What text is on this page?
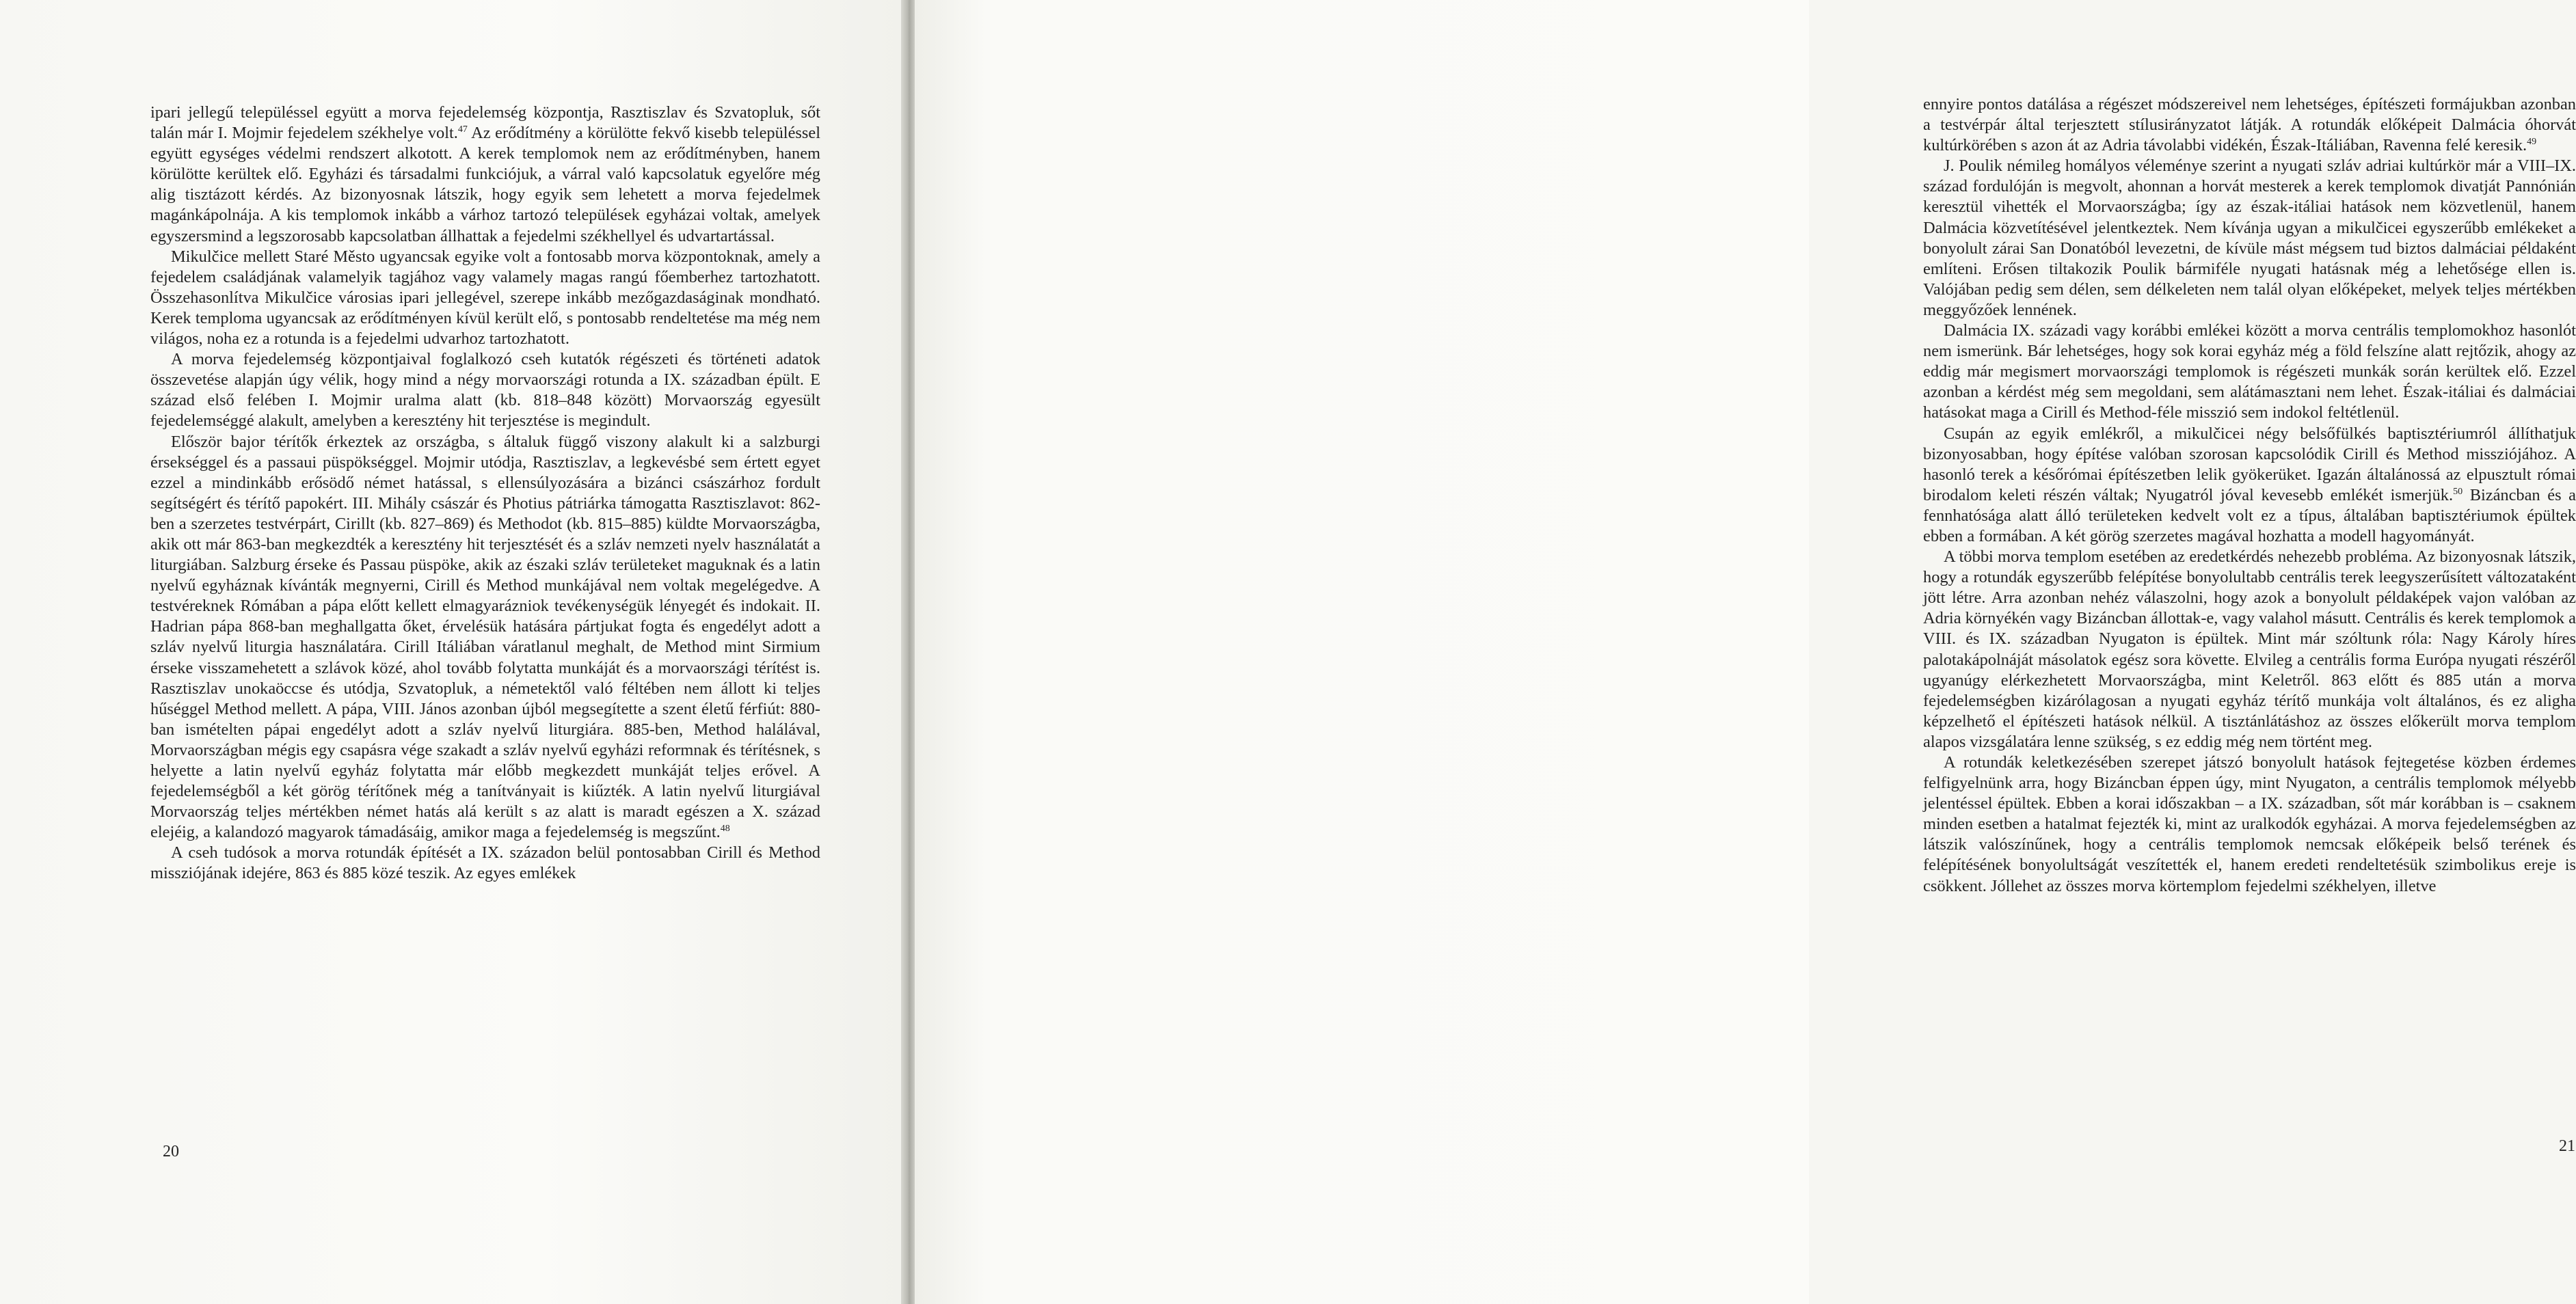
ipari jellegű településsel együtt a morva fejedelemség központja, Rasztiszlav és Szvatopluk, sőt talán már I. Mojmir fejedelem székhelye volt.$^{47}$ Az erődítmény a körülötte fekvő kisebb településsel együtt egységes védelmi rendszert alkotott. A kerek templomok nem az erődítményben, hanem körülötte kerültek elő. Egyházi és társadalmi funkciójuk, a várral való kapcsolatuk egyelőre még alig tisztázott kérdés. Az bizonyosnak látszik, hogy egyik sem lehetett a morva fejedelmek magánkápolnája. A kis templomok inkább a várhoz tartozó települések egyházai voltak, amelyek egyszersmind a legszorosabb kapcsolatban állhattak a fejedelmi székhellyel és udvartartással.

Mikulčice mellett Staré Město ugyancsak egyike volt a fontosabb morva központoknak, amely a fejedelem családjának valamelyik tagjához vagy valamely magas rangú főemberhez tartozhatott. Összehasonlítva Mikulčice városias ipari jellegével, szerepe inkább mezőgazdaságinak mondható. Kerek temploma ugyancsak az erődítményen kívül került elő, s pontosabb rendeltetése ma még nem világos, noha ez a rotunda is a fejedelmi udvarhoz tartozhatott.

A morva fejedelemség központjaival foglalkozó cseh kutatók régészeti és történeti adatok összevetése alapján úgy vélik, hogy mind a négy morvaországi rotunda a IX. században épült. E század első felében I. Mojmir uralma alatt (kb. 818–848 között) Morvaország egyesült fejedelemséggé alakult, amelyben a keresztény hit terjesztése is megindult.

Először bajor térítők érkeztek az országba, s általuk függő viszony alakult ki a salzburgi érsekséggel és a passaui püspökséggel. Mojmir utódja, Rasztiszlav, a legkevésbé sem értett egyet ezzel a mindinkább erősödő német hatással, s ellensúlyozására a bizánci császárhoz fordult segítségért és térítő papokért. III. Mihály császár és Photius pátriárka támogatta Rasztiszlavot: 862-ben a szerzetes testvérpárt, Cirillt (kb. 827–869) és Methodot (kb. 815–885) küldte Morvaországba, akik ott már 863-ban megkezdték a keresztény hit terjesztését és a szláv nemzeti nyelv használatát a liturgiában. Salzburg érseke és Passau püspöke, akik az északi szláv területeket maguknak és a latin nyelvű egyháznak kívánták megnyerni, Cirill és Method munkájával nem voltak megelégedve. A testvéreknek Rómában a pápa előtt kellett elmagyarázniok tevékenységük lényegét és indokait. II. Hadrian pápa 868-ban meghallgatta őket, érvelésük hatására pártjukat fogta és engedélyt adott a szláv nyelvű liturgia használatára. Cirill Itáliában váratlanul meghalt, de Method mint Sirmium érseke visszamehetett a szlávok közé, ahol tovább folytatta munkáját és a morvaországi térítést is. Rasztiszlav unokaöccse és utódja, Szvatopluk, a németektől való féltében nem állott ki teljes hűséggel Method mellett. A pápa, VIII. János azonban újból megsegítette a szent életű férfiút: 880-ban ismételten pápai engedélyt adott a szláv nyelvű liturgiára. 885-ben, Method halálával, Morvaországban mégis egy csapásra vége szakadt a szláv nyelvű egyházi reformnak és térítésnek, s helyette a latin nyelvű egyház folytatta már előbb megkezdett munkáját teljes erővel. A fejedelemségből a két görög térítőnek még a tanítványait is kiűzték. A latin nyelvű liturgiával Morvaország teljes mértékben német hatás alá került s az alatt is maradt egészen a X. század elejéig, a kalandozó magyarok támadásáig, amikor maga a fejedelemség is megszűnt.$^{48}$

A cseh tudósok a morva rotundák építését a IX. századon belül pontosabban Cirill és Method missziójának idejére, 863 és 885 közé teszik. Az egyes emlékek

20

ennyire pontos datálása a régészet módszereivel nem lehetséges, építészeti formájukban azonban a testvérpár által terjesztett stílusirányzatot látják. A rotundák előképeit Dalmácia óhorvát kultúrkörében s azon át az Adria távolabbi vidékén, Észak-Itáliában, Ravenna felé keresik.$^{49}$

J. Poulik némileg homályos véleménye szerint a nyugati szláv adriai kultúrkör már a VIII–IX. század fordulóján is megvolt, ahonnan a horvát mesterek a kerek templomok divatját Pannónián keresztül vihették el Morvaországba; így az észak-itáliai hatások nem közvetlenül, hanem Dalmácia közvetítésével jelentkeztek. Nem kívánja ugyan a mikulčicei egyszerűbb emlékeket a bonyolult zárai San Donatóból levezetni, de kívüle mást mégsem tud biztos dalmáciai példaként említeni. Erősen tiltakozik Poulik bármiféle nyugati hatásnak még a lehetősége ellen is. Valójában pedig sem délen, sem délkeleten nem talál olyan előképeket, melyek teljes mértékben meggyőzőek lennének.

Dalmácia IX. századi vagy korábbi emlékei között a morva centrális templomokhoz hasonlót nem ismerünk. Bár lehetséges, hogy sok korai egyház még a föld felszíne alatt rejtőzik, ahogy az eddig már megismert morvaországi templomok is régészeti munkák során kerültek elő. Ezzel azonban a kérdést még sem megoldani, sem alátámasztani nem lehet. Észak-itáliai és dalmáciai hatásokat maga a Cirill és Method-féle misszió sem indokol feltétlenül.

Csupán az egyik emlékről, a mikulčicei négy belsőfülkés baptisztériumról állíthatjuk bizonyosabban, hogy építése valóban szorosan kapcsolódik Cirill és Method missziójához. A hasonló terek a későrómai építészetben lelik gyökerüket. Igazán általánossá az elpusztult római birodalom keleti részén váltak; Nyugatról jóval kevesebb emlékét ismerjük.$^{50}$ Bizáncban és a fennhatósága alatt álló területeken kedvelt volt ez a típus, általában baptisztériumok épültek ebben a formában. A két görög szerzetes magával hozhatta a modell hagyományát.

A többi morva templom esetében az eredetkérdés nehezebb probléma. Az bizonyosnak látszik, hogy a rotundák egyszerűbb felépítése bonyolultabb centrális terek leegyszerűsített változataként jött létre. Arra azonban nehéz válaszolni, hogy azok a bonyolult példaképek vajon valóban az Adria környékén vagy Bizáncban állottak-e, vagy valahol másutt. Centrális és kerek templomok a VIII. és IX. században Nyugaton is épültek. Mint már szóltunk róla: Nagy Károly híres palotakápolnáját másolatok egész sora követte. Elvileg a centrális forma Európa nyugati részéről ugyanúgy elérkezhetett Morvaországba, mint Keletről. 863 előtt és 885 után a morva fejedelemségben kizárólagosan a nyugati egyház térítő munkája volt általános, és ez aligha képzelhető el építészeti hatások nélkül. A tisztánlátáshoz az összes előkerült morva templom alapos vizsgálatára lenne szükség, s ez eddig még nem történt meg.

A rotundák keletkezésében szerepet játszó bonyolult hatások fejtegetése közben érdemes felfigyelnünk arra, hogy Bizáncban éppen úgy, mint Nyugaton, a centrális templomok mélyebb jelentéssel épültek. Ebben a korai időszakban – a IX. században, sőt már korábban is – csaknem minden esetben a hatalmat fejezték ki, mint az uralkodók egyházai. A morva fejedelemségben az látszik valószínűnek, hogy a centrális templomok nemcsak előképeik belső terének és felépítésének bonyolultságát veszítették el, hanem eredeti rendeltetésük szimbolikus ereje is csökkent. Jóllehet az összes morva körtemplom fejedelmi székhelyen, illetve

21
